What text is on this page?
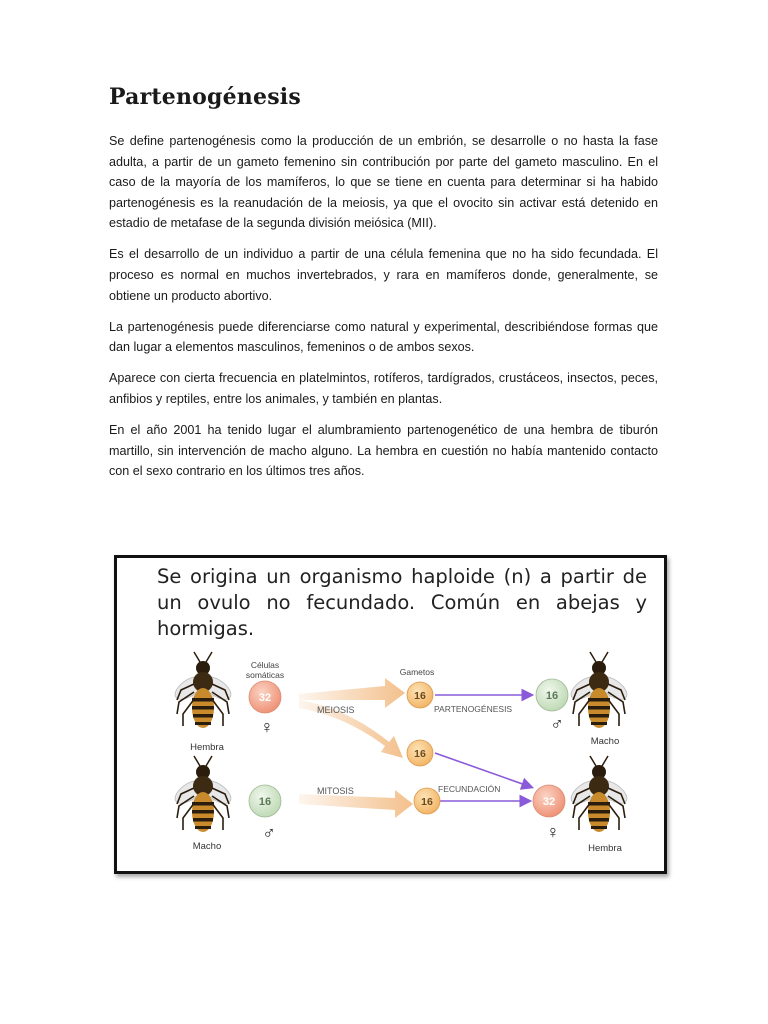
Partenogénesis

Se define partenogénesis como la producción de un embrión, se desarrolle o no hasta la fase adulta, a partir de un gameto femenino sin contribución por parte del gameto masculino. En el caso de la mayoría de los mamíferos, lo que se tiene en cuenta para determinar si ha habido partenogénesis es la reanudación de la meiosis, ya que el ovocito sin activar está detenido en estadio de metafase de la segunda división meiósica (MII).

Es el desarrollo de un individuo a partir de una célula femenina que no ha sido fecundada. El proceso es normal en muchos invertebrados, y rara en mamíferos donde, generalmente, se obtiene un producto abortivo.

La partenogénesis puede diferenciarse como natural y experimental, describiéndose formas que dan lugar a elementos masculinos, femeninos o de ambos sexos.

Aparece con cierta frecuencia en platelmintos, rotíferos, tardígrados, crustáceos, insectos, peces, anfibios y reptiles, entre los animales, y también en plantas.

En el año 2001 ha tenido lugar el alumbramiento partenogenético de una hembra de tiburón martillo, sin intervención de macho alguno. La hembra en cuestión no había mantenido contacto con el sexo contrario en los últimos tres años.

Se origina un organismo haploide (n) a partir de un ovulo no fecundado. Común en abejas y hormigas.
Hembra
Macho
Macho
Hembra
Células
somáticas	Gametos
MEIOSIS
MITOSIS
PARTENOGÉNESIS
FECUNDACIÓN
32
16
16
16
16
16
32
♀
♂
♂
♀
